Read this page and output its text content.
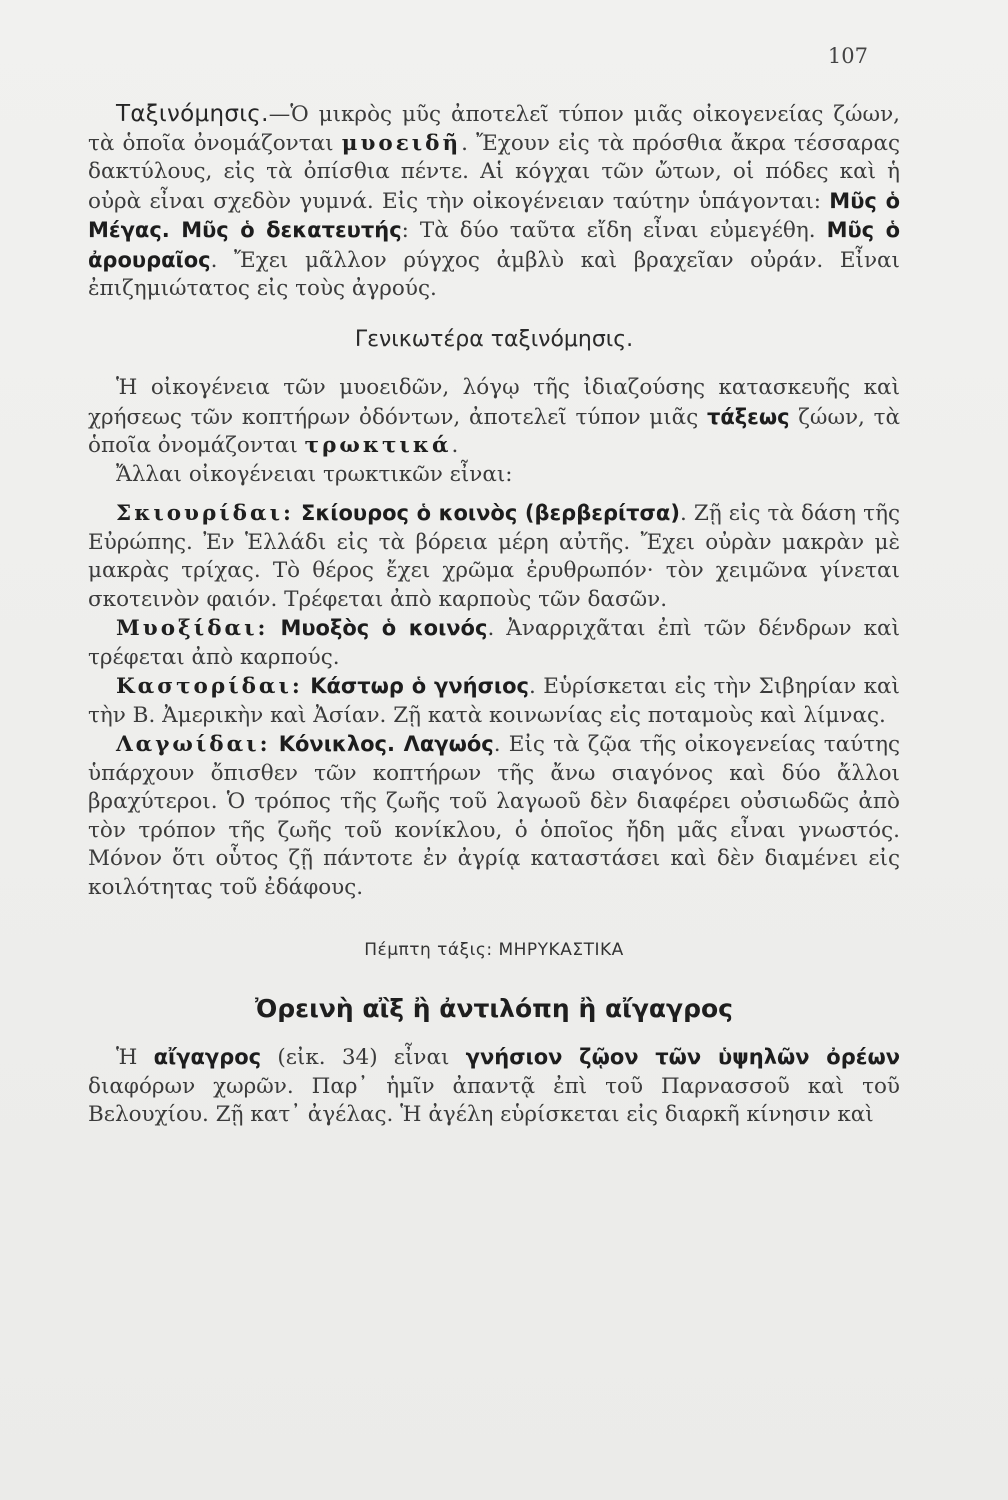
107

Ταξινόμησις.—Ὁ μικρὸς μῦς ἀποτελεῖ τύπον μιᾶς οἰκογενείας ζώων, τὰ ὁποῖα ὀνομάζονται μυοειδῆ. Ἔχουν εἰς τὰ πρόσθια ἄκρα τέσσαρας δακτύλους, εἰς τὰ ὀπίσθια πέντε. Αἱ κόγχαι τῶν ὤτων, οἱ πόδες καὶ ἡ οὐρὰ εἶναι σχεδὸν γυμνά. Εἰς τὴν οἰκογένειαν ταύτην ὑπάγονται: Μῦς ὁ Μέγας. Μῦς ὁ δεκατευτής: Τὰ δύο ταῦτα εἴδη εἶναι εὐμεγέθη. Μῦς ὁ ἀρουραῖος. Ἔχει μᾶλλον ρύγχος ἀμβλὺ καὶ βραχεῖαν οὐράν. Εἶναι ἐπιζημιώτατος εἰς τοὺς ἀγρούς.

Γενικωτέρα ταξινόμησις.

Ἡ οἰκογένεια τῶν μυοειδῶν, λόγῳ τῆς ἰδιαζούσης κατασκευῆς καὶ χρήσεως τῶν κοπτήρων ὀδόντων, ἀποτελεῖ τύπον μιᾶς τάξεως ζώων, τὰ ὁποῖα ὀνομάζονται τρωκτικά.

Ἄλλαι οἰκογένειαι τρωκτικῶν εἶναι:

Σκιουρίδαι: Σκίουρος ὁ κοινὸς (βερβερίτσα). Ζῇ εἰς τὰ δάση τῆς Εὐρώπης. Ἐν Ἑλλάδι εἰς τὰ βόρεια μέρη αὐτῆς. Ἔχει οὐρὰν μακρὰν μὲ μακρὰς τρίχας. Τὸ θέρος ἔχει χρῶμα ἐρυθρωπόν· τὸν χειμῶνα γίνεται σκοτεινὸν φαιόν. Τρέφεται ἀπὸ καρποὺς τῶν δασῶν.

Μυοξίδαι: Μυοξὸς ὁ κοινός. Ἀναρριχᾶται ἐπὶ τῶν δένδρων καὶ τρέφεται ἀπὸ καρπούς.

Καστορίδαι: Κάστωρ ὁ γνήσιος. Εὑρίσκεται εἰς τὴν Σιβηρίαν καὶ τὴν Β. Ἀμερικὴν καὶ Ἀσίαν. Ζῇ κατὰ κοινωνίας εἰς ποταμοὺς καὶ λίμνας.

Λαγωίδαι: Κόνικλος. Λαγωός. Εἰς τὰ ζῷα τῆς οἰκογενείας ταύτης ὑπάρχουν ὄπισθεν τῶν κοπτήρων τῆς ἄνω σιαγόνος καὶ δύο ἄλλοι βραχύτεροι. Ὁ τρόπος τῆς ζωῆς τοῦ λαγωοῦ δὲν διαφέρει οὐσιωδῶς ἀπὸ τὸν τρόπον τῆς ζωῆς τοῦ κονίκλου, ὁ ὁποῖος ἤδη μᾶς εἶναι γνωστός. Μόνον ὅτι οὗτος ζῇ πάντοτε ἐν ἀγρίᾳ καταστάσει καὶ δὲν διαμένει εἰς κοιλότητας τοῦ ἐδάφους.

Πέμπτη τάξις: ΜΗΡΥΚΑΣΤΙΚΑ

Ὀρεινὴ αἲξ ἢ ἀντιλόπη ἢ αἴγαγρος

Ἡ αἴγαγρος (εἰκ. 34) εἶναι γνήσιον ζῷον τῶν ὑψηλῶν ὀρέων διαφόρων χωρῶν. Παρ᾽ ἡμῖν ἀπαντᾷ ἐπὶ τοῦ Παρνασσοῦ καὶ τοῦ Βελουχίου. Ζῇ κατ᾽ ἀγέλας. Ἡ ἀγέλη εὑρίσκεται εἰς διαρκῆ κίνησιν καὶ
